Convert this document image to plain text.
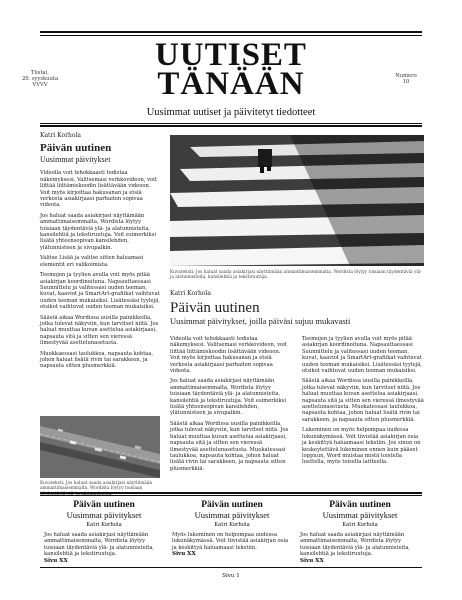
Tiistai,
20. syyskuuta
VVVV
UUTISET
TÄNÄÄN
Uusimmat uutiset ja päivitetyt tiedotteet
Numero
10
Katri Korhola
Päivän uutinen
Uusimmat päivitykset

Videolla voit tehokkaasti todistaa näkemyksesi. Valitsemasi verkkovideon, voit liittää liittämiskoodin lisättävään videoon. Voit myös kirjoittaa hakusanan ja etsiä verkosta asiakirjaasi parhaiten sopivaa videota.

Jos haluat saada asiakirjasi näyttämään ammattimaisemmalta, Wordista löytyy toisiaan täydentäviä ylä- ja alatunnisteita, kansilehtiä ja tekstiruutuja. Voit esimerkiksi lisätä yhteensopivan kansilehden, ylätunnisteen ja sivupalkin.

Valitse Lisää ja valitse sitten haluamasi elementit eri valikoimista.

Teemojen ja tyylien avulla voit myös pitää asiakirjan koordinoituna. Napsauttaessasi Suunnittelu ja valitessasi uuden teeman, kuvat, kaaviot ja SmartArt-grafiikat vaihtuvat uuden teeman mukaisiksi. Lisätessäsi tyylejä, otsikot vaihtuvat uuden teeman mukaisiksi.

Säästä aikaa Wordissa uusilla painikkeilla, jotka tulevat näkyviin, kun tarvitset niitä. Jos haluat muuttaa kuvan asettelua asiakirjaasi, napsauta sitä ja sitten sen vieressä ilmestyvää asettelunasetusta.

Muokkaessasi taulukkoa, napsauta kohtaa, johon haluat lisätä rivin tai sarakkeen, ja napsauta sitten plusmerkkiä.

Kuvateksti: Jos haluat saada asiakirjasi näyttämään ammattimaisemmalta, Wordista löytyy toisiaan
Kuvateksti: Jos haluat saada asiakirjasi näyttämään ammattimaisemmalta, Wordista löytyy toisiaan täydentäviä ylä- ja alatunnisteita, kansilehtiä ja tekstiruutuja.
Katri Korhola
Päivän uutinen
Uusimmat päivitykset, joilla päiväsi sujuu mukavasti

Videolla voit tehokkaasti todistaa näkemyksesi. Valitsemasi verkkovideon, voit liittää liittämiskoodin lisättävään videoon. Voit myös kirjoittaa hakusanan ja etsiä verkosta asiakirjaasi parhaiten sopivaa videota.

Jos haluat saada asiakirjasi näyttämään ammattimaisemmalta, Wordista löytyy toisiaan täydentäviä ylä- ja alatunnisteita, kansilehtiä ja tekstiruutuja. Voit esimerkiksi lisätä yhteensopivan kansilehden, ylätunnisteen ja sivupalkin.

Säästä aikaa Wordissa uusilla painikkeilla, jotka tulevat näkyviin, kun tarvitset niitä. Jos haluat muuttaa kuvan asettelua asiakirjaasi, napsauta sitä ja sitten sen vieressä ilmestyvää asettelunasetusta. Muokatessasi taulukkoa, napsauta kohtaa, johon haluat lisätä rivin tai sarakkeen, ja napsauta sitten plusmerkkiä.

Teemojen ja tyylien avulla voit myös pitää asiakirjan koordinoituna. Napsauttaessasi Suunnittelu ja valitessasi uuden teeman, kuvat, kaaviot ja SmartArt-grafiikat vaihtuvat uuden teeman mukaisiksi. Lisätessäsi tyylejä, otsikot vaihtuvat uuden teeman mukaisiksi.

Säästä aikaa Wordissa uusilla painikkeilla, jotka tulevat näkyviin, kun tarvitset niitä. Jos haluat muuttaa kuvan asettelua asiakirjaasi, napsauta sitä ja sitten sen vieressä ilmestyvää asettelunasetusta. Muokatessasi taulukkoa, napsauta kohtaa, johon haluat lisätä rivin tai sarakkeen, ja napsauta sitten plusmerkkiä.

Lukeminen on myös helpompaa uudessa lukunäkymässä. Voit tiivistää asiakirjan osia ja keskittyä haluamaasi tekstiin. Jos sinun on keskeytettävä lukeminen ennen kuin pääset loppuun, Word muistaa mistä toistella luettella, myös toisella laitteella.

Päivän uutinen
Uusimmat päivitykset
Katri Korhola
Jos haluat saada asiakirjasi näyttämään ammattimaisemmalta, Wordista löytyy toisiaan täydentäviä ylä- ja alatunnisteita, kansilehtiä ja tekstiruutuja.
Sivu XX
Päivän uutinen
Uusimmat päivitykset
Katri Korhola
Myös lukeminen on helpompaa uudessa lukunäkymässä. Voit tiivistää asiakirjan osia ja keskittyä haluamaasi tekstiin.
Sivu XX
Päivän uutinen
Uusimmat päivitykset
Katri Korhola
Jos haluat saada asiakirjasi näyttämään ammattimaisemmalta, Wordista löytyy toisiaan täydentäviä ylä- ja alatunnisteita, kansilehtiä ja tekstiruutuja.
Sivu XX
Sivu 1
